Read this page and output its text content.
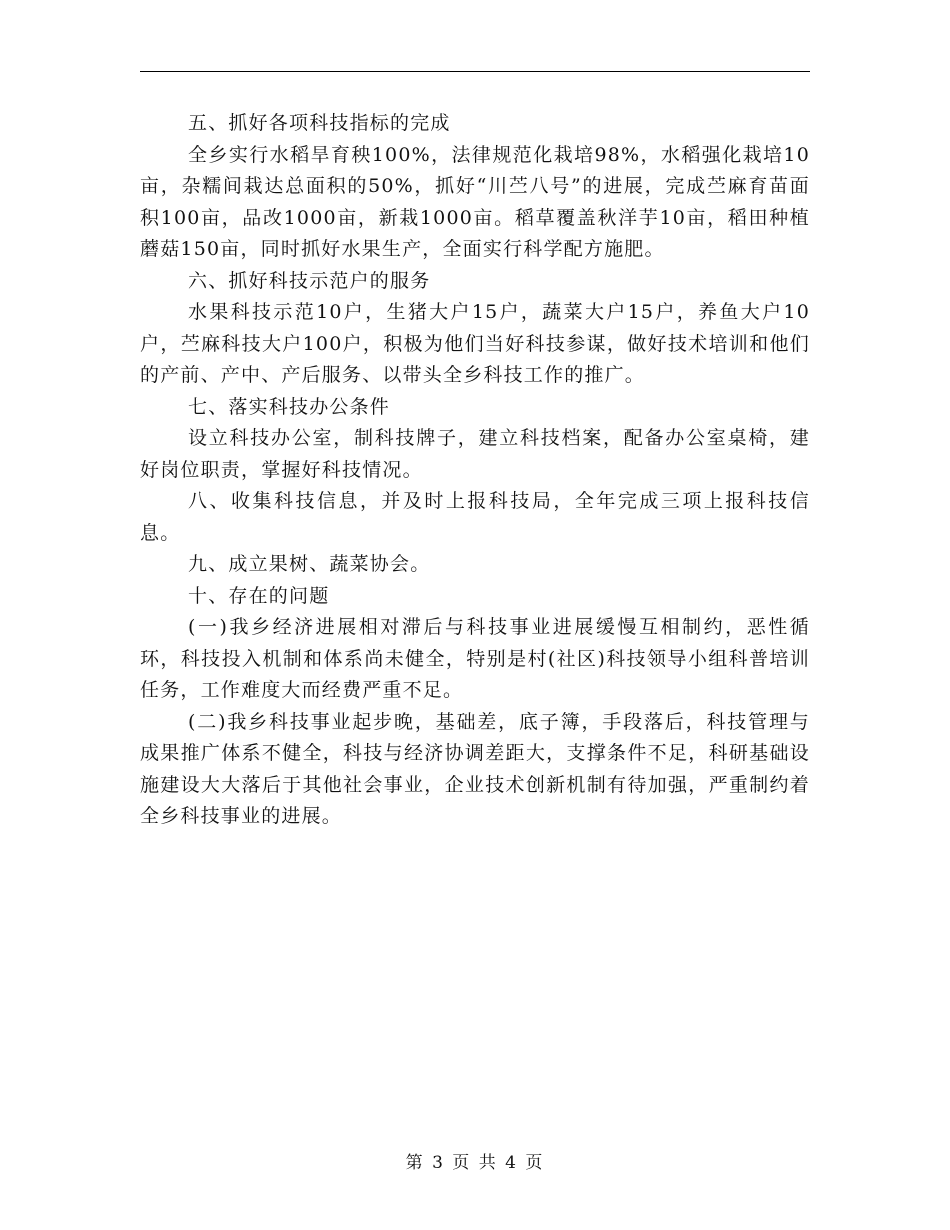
五、抓好各项科技指标的完成

全乡实行水稻旱育秧100%，法律规范化栽培98%，水稻强化栽培10亩，杂糯间栽达总面积的50%，抓好“川苎八号”的进展，完成苎麻育苗面积100亩，品改1000亩，新栽1000亩。稻草覆盖秋洋芋10亩，稻田种植蘑菇150亩，同时抓好水果生产，全面实行科学配方施肥。

六、抓好科技示范户的服务

水果科技示范10户，生猪大户15户，蔬菜大户15户，养鱼大户10户，苎麻科技大户100户，积极为他们当好科技参谋，做好技术培训和他们的产前、产中、产后服务、以带头全乡科技工作的推广。

七、落实科技办公条件

设立科技办公室，制科技牌子，建立科技档案，配备办公室桌椅，建好岗位职责，掌握好科技情况。

八、收集科技信息，并及时上报科技局，全年完成三项上报科技信息。

九、成立果树、蔬菜协会。

十、存在的问题

(一)我乡经济进展相对滞后与科技事业进展缓慢互相制约，恶性循环，科技投入机制和体系尚未健全，特别是村(社区)科技领导小组科普培训任务，工作难度大而经费严重不足。

(二)我乡科技事业起步晚，基础差，底子簿，手段落后，科技管理与成果推广体系不健全，科技与经济协调差距大，支撑条件不足，科研基础设施建设大大落后于其他社会事业，企业技术创新机制有待加强，严重制约着全乡科技事业的进展。

第 3 页 共 4 页
